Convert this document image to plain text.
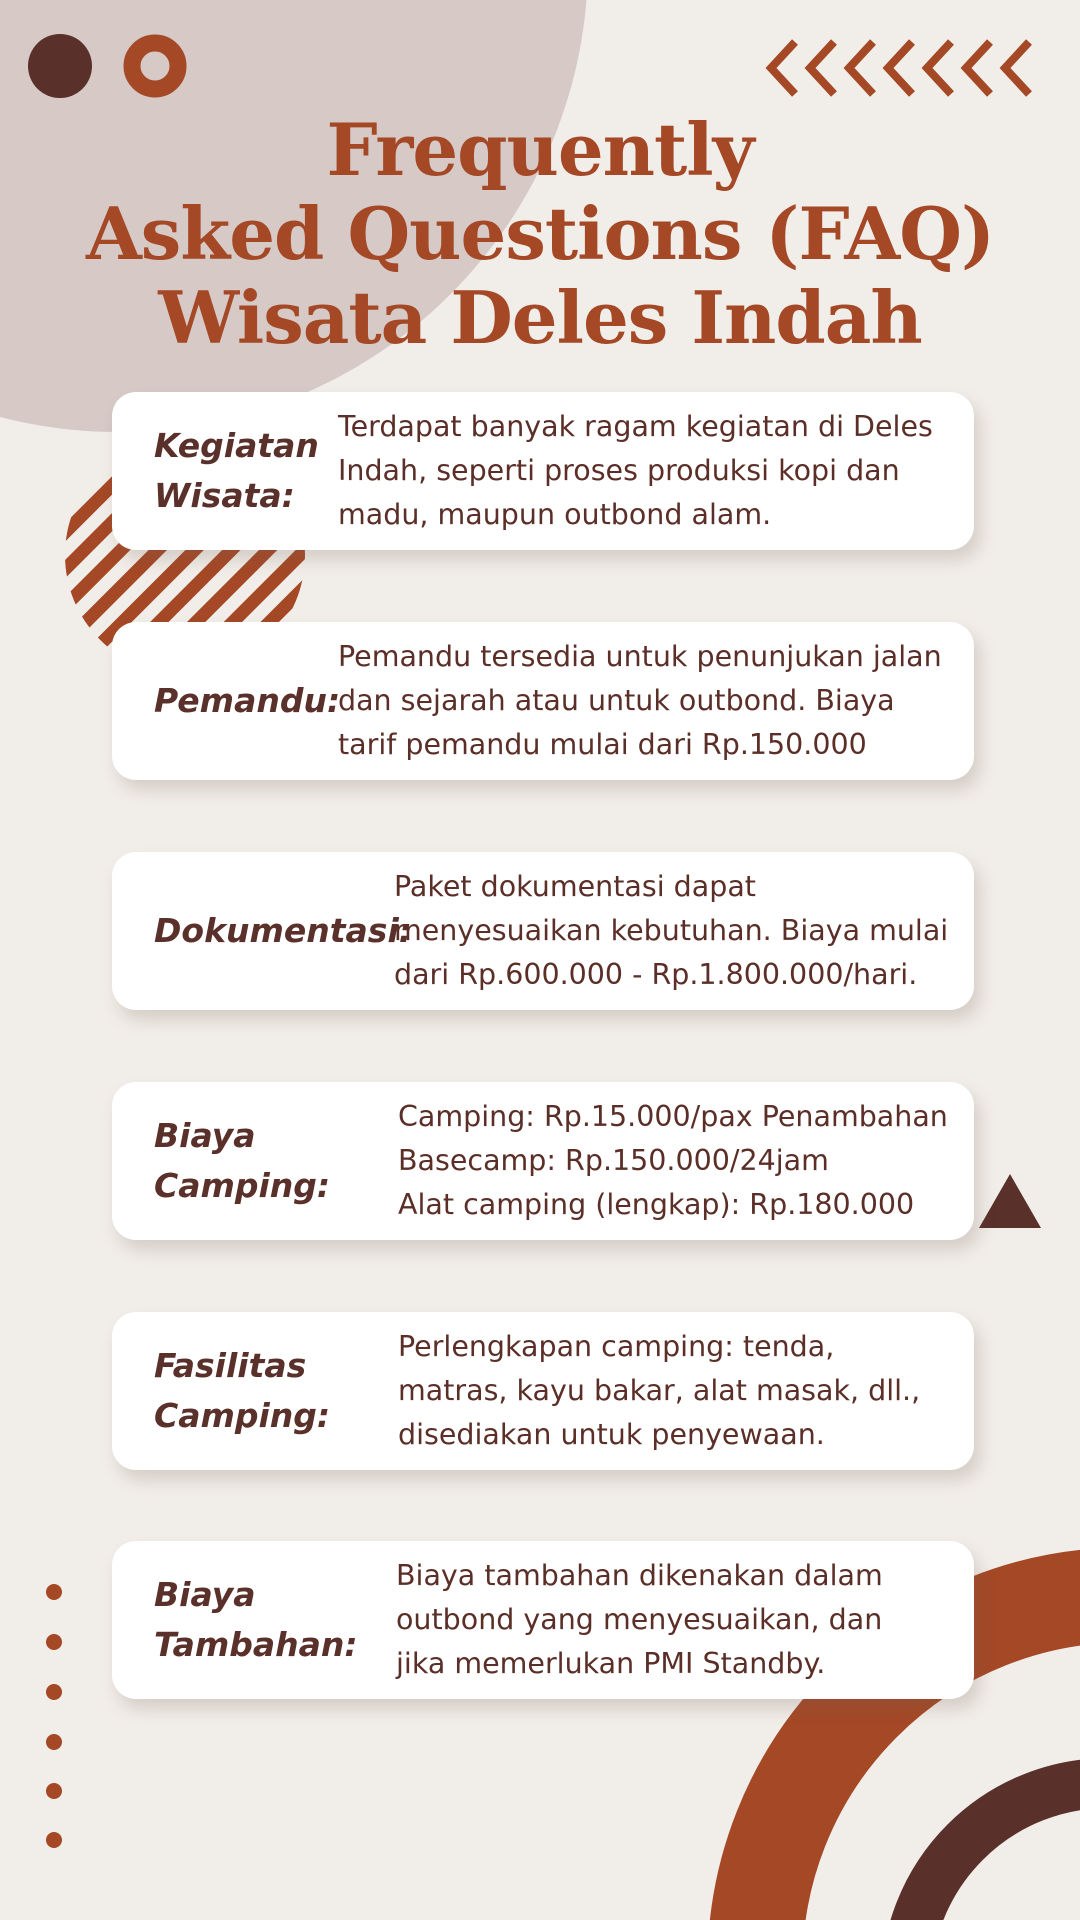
Frequently
Asked Questions (FAQ)
Wisata Deles Indah
Kegiatan
Wisata:
Terdapat banyak ragam kegiatan di Deles
Indah, seperti proses produksi kopi dan
madu, maupun outbond alam.
Pemandu:
Pemandu tersedia untuk penunjukan jalan
dan sejarah atau untuk outbond. Biaya
tarif pemandu mulai dari Rp.150.000
Dokumentasi:
Paket dokumentasi dapat
menyesuaikan kebutuhan. Biaya mulai
dari Rp.600.000 - Rp.1.800.000/hari.
Biaya
Camping:
Camping: Rp.15.000/pax Penambahan
Basecamp: Rp.150.000/24jam
Alat camping (lengkap): Rp.180.000
Fasilitas
Camping:
Perlengkapan camping: tenda,
matras, kayu bakar, alat masak, dll.,
disediakan untuk penyewaan.
Biaya
Tambahan:
Biaya tambahan dikenakan dalam
outbond yang menyesuaikan, dan
jika memerlukan PMI Standby.
